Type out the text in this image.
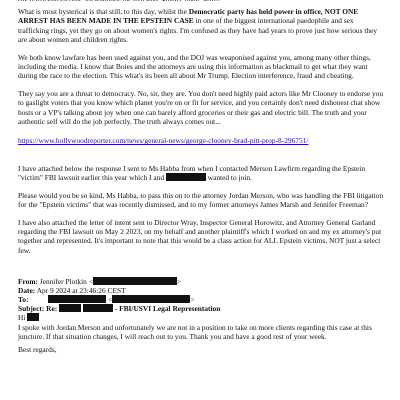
What is most hysterical is that still, to this day, whilst the Democratic party has held power in office, NOT ONE ARREST HAS BEEN MADE IN THE EPSTEIN CASE in one of the biggest international paedophile and sex trafficking rings, yet they go on about women's rights. I'm confused as they have had years to prove just how serious they are about women and children rights.

We both know lawfare has been used against you, and the DOJ was weaponised against you, among many other things, including the media. I know that Boies and the attorneys are using this information as blackmail to get what they want during the race to the election. This what's its been all about Mr Trump. Election interference, fraud and cheating.

They say you are a threat to democracy. No, sir, they are. You don't need highly paid actors like Mr Clooney to endorse you to gaslight voters that you know which planet you're on or fit for service, and you certainly don't need dishonest chat show hosts or a VP's talking about joy when one can barely afford groceries or their gas and electric bill. The truth and your authentic self will do the job perfectly. The truth always comes out...

https://www.hollywoodreporter.com/news/general-news/george-clooney-brad-pitt-prop-8-296751/

I have attached below the response I sent to Ms Habba from when I contacted Merson Lawfirm regarding the Epstein "victim" FBI lawsuit earlier this year which I and	wanted to join.

Please would you be so kind, Ms Habba, to pass this on to the attorney Jordan Merson, who was handling the FBI litigation for the "Epstein victims" that was recently dismissed, and to my former attorneys James Marsh and Jennifer Freeman?

I have also attached the letter of intent sent to Director Wray, Inspector General Horowitz, and Attorney General Garland regarding the FBI lawsuit on May 2 2023, on my behalf and another plaintiff's which I worked on and my ex attorney's put together and represented. It's important to note that this would be a class action for ALL Epstein victims, NOT just a select few.

From: Jennifer Plotkin <	>
Date: Apr 9 2024 at 23:46:26 CEST
To:	<	>
Subject: Re:	- FBI/USVI Legal Representation
Hi

I spoke with Jordan Merson and unfortunately we are not in a position to take on more clients regarding this case at this juncture. If that situation changes, I will reach out to you. Thank you and have a good rest of your week.

Best regards,
